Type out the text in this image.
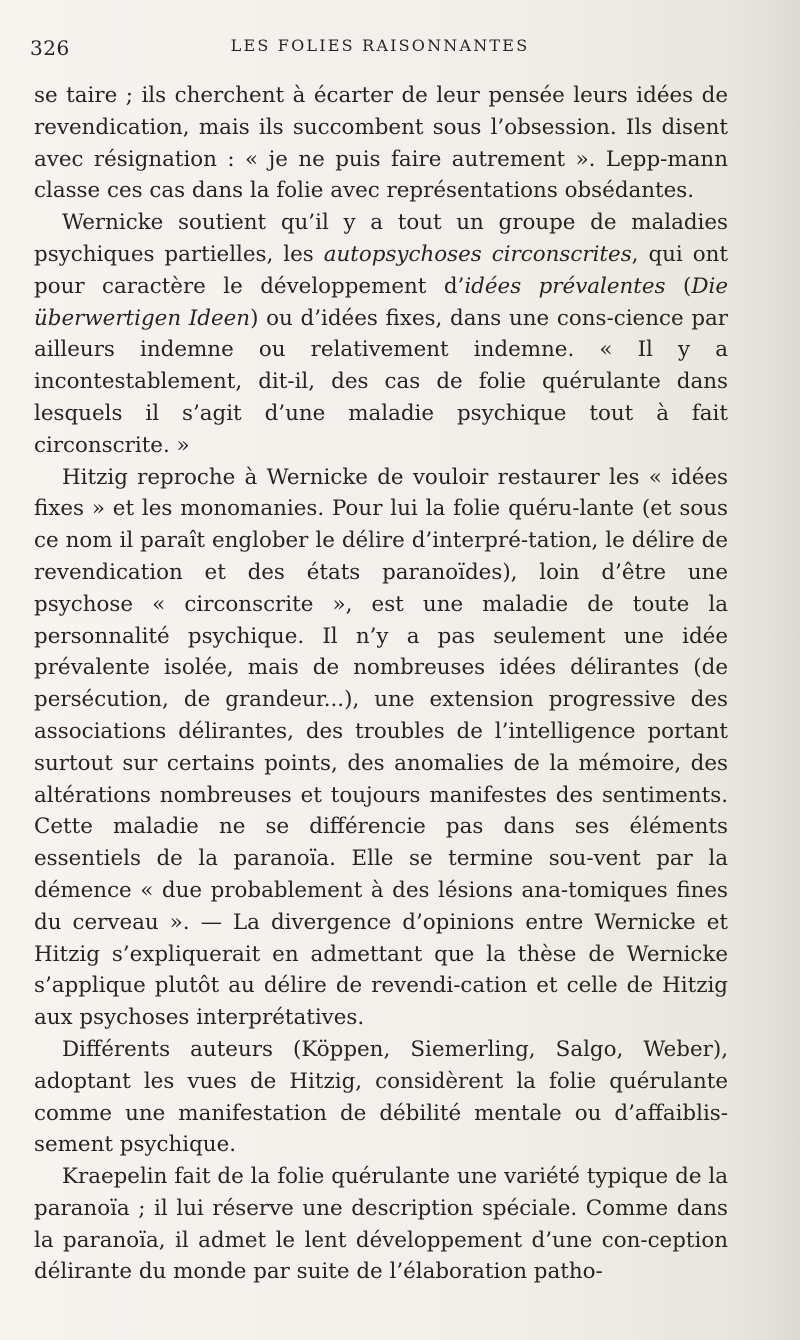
326	LES FOLIES RAISONNANTES

se taire ; ils cherchent à écarter de leur pensée leurs idées de revendication, mais ils succombent sous l’obsession. Ils disent avec résignation : « je ne puis faire autrement ». Lepp-mann classe ces cas dans la folie avec représentations obsédantes.

Wernicke soutient qu’il y a tout un groupe de maladies psychiques partielles, les autopsychoses circonscrites, qui ont pour caractère le développement d’idées prévalentes (Die überwertigen Ideen) ou d’idées fixes, dans une cons-cience par ailleurs indemne ou relativement indemne. « Il y a incontestablement, dit-il, des cas de folie quérulante dans lesquels il s’agit d’une maladie psychique tout à fait circonscrite. »

Hitzig reproche à Wernicke de vouloir restaurer les « idées fixes » et les monomanies. Pour lui la folie quéru-lante (et sous ce nom il paraît englober le délire d’interpré-tation, le délire de revendication et des états paranoïdes), loin d’être une psychose « circonscrite », est une maladie de toute la personnalité psychique. Il n’y a pas seulement une idée prévalente isolée, mais de nombreuses idées délirantes (de persécution, de grandeur...), une extension progressive des associations délirantes, des troubles de l’intelligence portant surtout sur certains points, des anomalies de la mémoire, des altérations nombreuses et toujours manifestes des sentiments. Cette maladie ne se différencie pas dans ses éléments essentiels de la paranoïa. Elle se termine sou-vent par la démence « due probablement à des lésions ana-tomiques fines du cerveau ». — La divergence d’opinions entre Wernicke et Hitzig s’expliquerait en admettant que la thèse de Wernicke s’applique plutôt au délire de revendi-cation et celle de Hitzig aux psychoses interprétatives.

Différents auteurs (Köppen, Siemerling, Salgo, Weber), adoptant les vues de Hitzig, considèrent la folie quérulante comme une manifestation de débilité mentale ou d’affaiblis-sement psychique.

Kraepelin fait de la folie quérulante une variété typique de la paranoïa ; il lui réserve une description spéciale. Comme dans la paranoïa, il admet le lent développement d’une con-ception délirante du monde par suite de l’élaboration patho-
